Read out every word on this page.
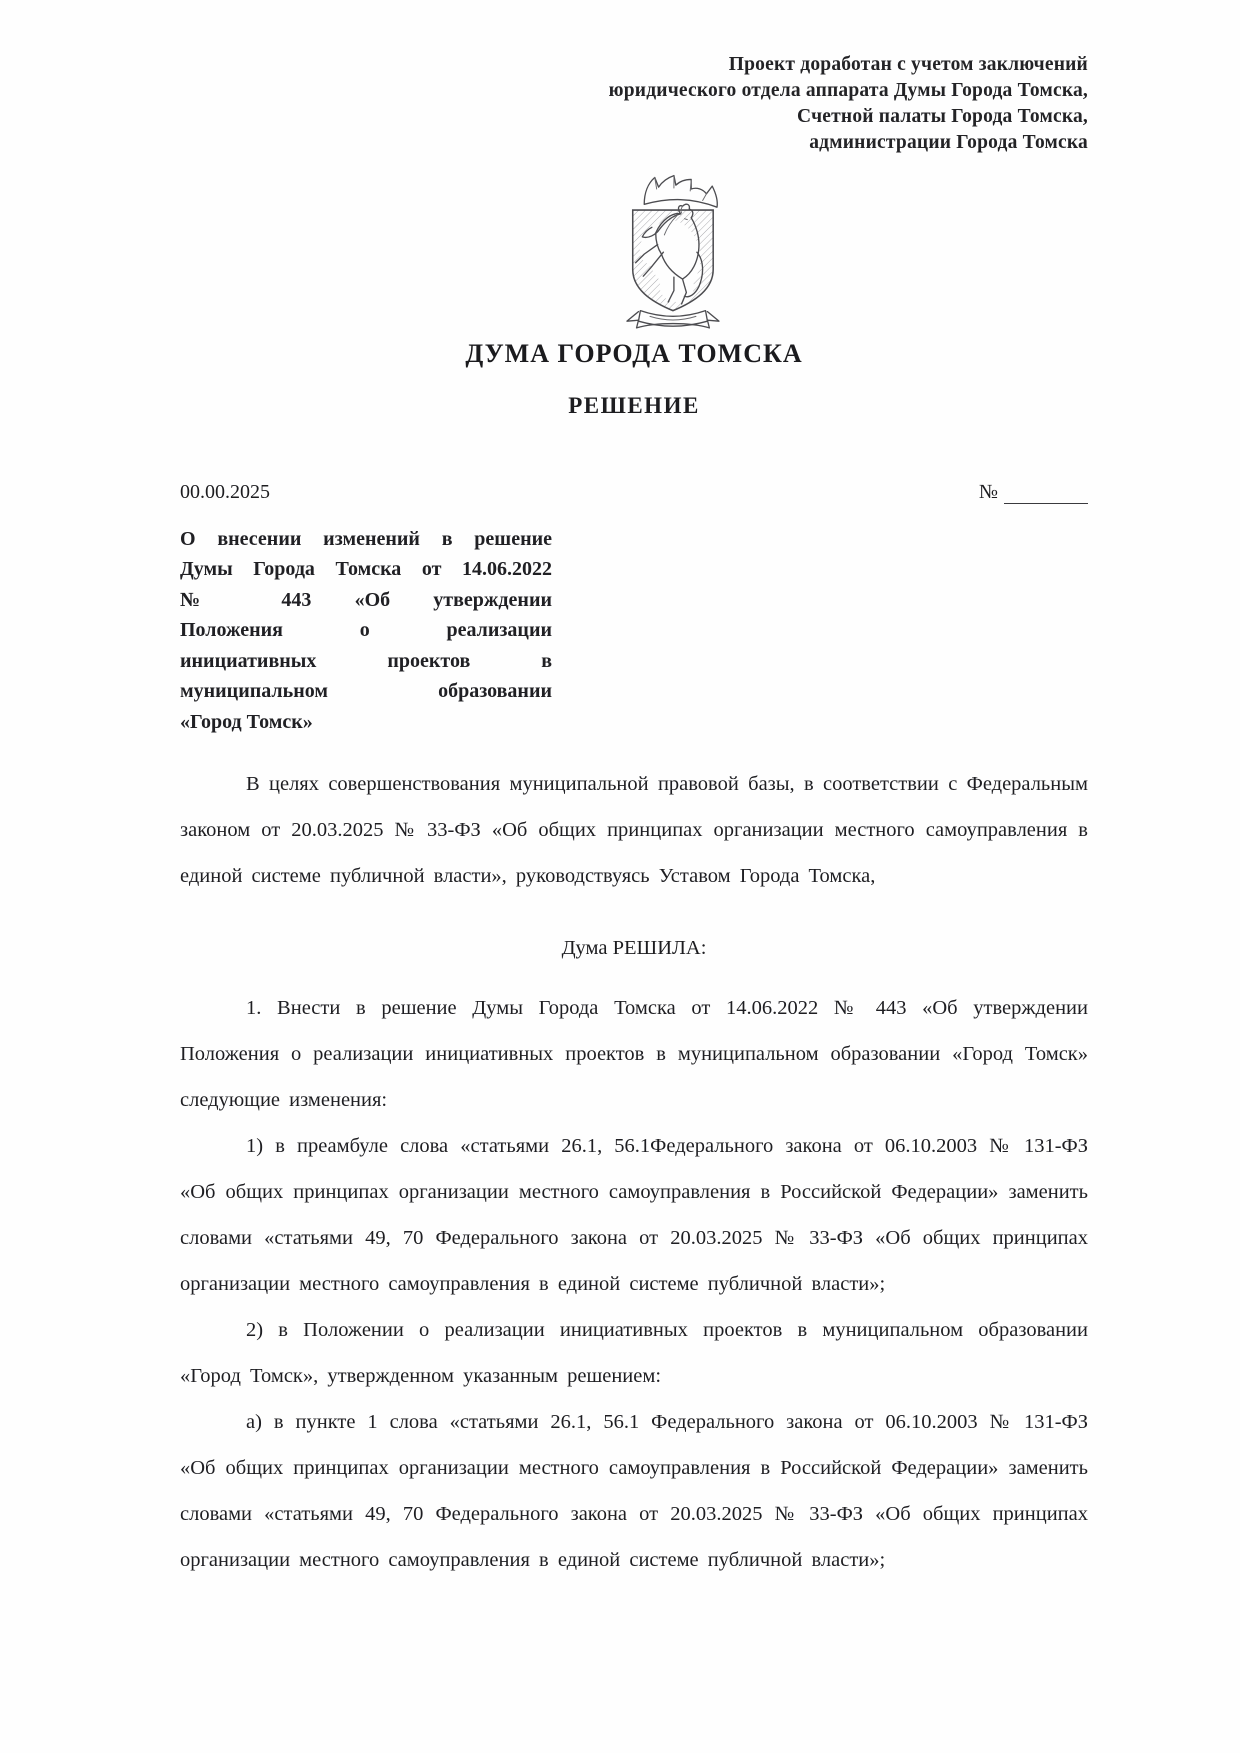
Проект доработан с учетом заключений
юридического отдела аппарата Думы Города Томска,
Счетной палаты Города Томска,
администрации Города Томска
ДУМА ГОРОДА ТОМСКА
РЕШЕНИЕ
00.00.2025	№
О внесении изменений в решение
Думы Города Томска от 14.06.2022
№ 443 «Об утверждении
Положения о реализации
инициативных проектов в
муниципальном образовании
«Город Томск»

В целях совершенствования муниципальной правовой базы, в соответствии с Федеральным законом от 20.03.2025 № 33-ФЗ «Об общих принципах организации местного самоуправления в единой системе публичной власти», руководствуясь Уставом Города Томска,

Дума РЕШИЛА:

1. Внести в решение Думы Города Томска от 14.06.2022 № 443 «Об утверждении Положения о реализации инициативных проектов в муниципальном образовании «Город Томск» следующие изменения:

1) в преамбуле слова «статьями 26.1, 56.1Федерального закона от 06.10.2003 № 131-ФЗ «Об общих принципах организации местного самоуправления в Российской Федерации» заменить словами «статьями 49, 70 Федерального закона от 20.03.2025 № 33-ФЗ «Об общих принципах организации местного самоуправления в единой системе публичной власти»;

2) в Положении о реализации инициативных проектов в муниципальном образовании «Город Томск», утвержденном указанным решением:

а) в пункте 1 слова «статьями 26.1, 56.1 Федерального закона от 06.10.2003 № 131-ФЗ «Об общих принципах организации местного самоуправления в Российской Федерации» заменить словами «статьями 49, 70 Федерального закона от 20.03.2025 № 33-ФЗ «Об общих принципах организации местного самоуправления в единой системе публичной власти»;
